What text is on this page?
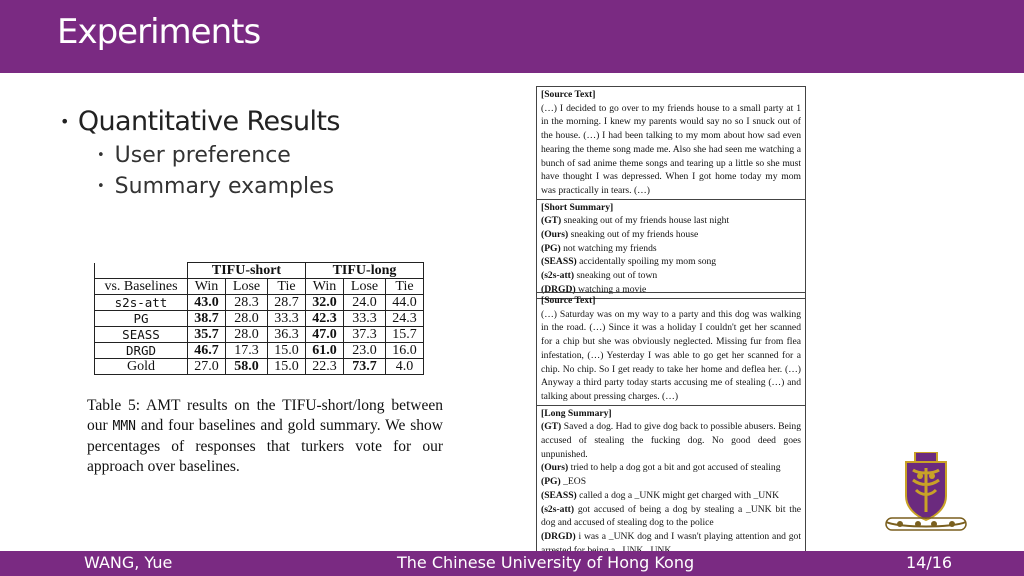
Experiments
• Quantitative Results
• User preference
• Summary examples
	TIFU-short			TIFU-long		
vs. Baselines	Win	Lose	Tie	Win	Lose	Tie
s2s-att	43.0	28.3	28.7	32.0	24.0	44.0
PG	38.7	28.0	33.3	42.3	33.3	24.3
SEASS	35.7	28.0	36.3	47.0	37.3	15.7
DRGD	46.7	17.3	15.0	61.0	23.0	16.0
Gold	27.0	58.0	15.0	22.3	73.7	4.0
Table 5: AMT results on the TIFU-short/long between our MMN and four baselines and gold summary. We show percentages of responses that turkers vote for our approach over baselines.
[Source Text]

(…) I decided to go over to my friends house to a small party at 1 in the morning. I knew my parents would say no so I snuck out of the house. (…) I had been talking to my mom about how sad even hearing the theme song made me. Also she had seen me watching a bunch of sad anime theme songs and tearing up a little so she must have thought I was depressed. When I got home today my mom was practically in tears. (…)

[Short Summary]
(GT) sneaking out of my friends house last night
(Ours) sneaking out of my friends house
(PG) not watching my friends
(SEASS) accidentally spoiling my mom song
(s2s-att) sneaking out of town
(DRGD) watching a movie
[Source Text]

(…) Saturday was on my way to a party and this dog was walking in the road. (…) Since it was a holiday I couldn't get her scanned for a chip but she was obviously neglected. Missing fur from flea infestation, (…) Yesterday I was able to go get her scanned for a chip. No chip. So I get ready to take her home and deflea her. (…) Anyway a third party today starts accusing me of stealing (…) and talking about pressing charges. (…)

[Long Summary]

(GT) Saved a dog. Had to give dog back to possible abusers. Being accused of stealing the fucking dog. No good deed goes unpunished.

(Ours) tried to help a dog got a bit and got accused of stealing

(PG) _EOS

(SEASS) called a dog a _UNK might get charged with _UNK

(s2s-att) got accused of being a dog by stealing a _UNK bit the dog and accused of stealing dog to the police

(DRGD) i was a _UNK dog and I wasn't playing attention and got

WANG, Yue	The Chinese University of Hong Kong	14/16
